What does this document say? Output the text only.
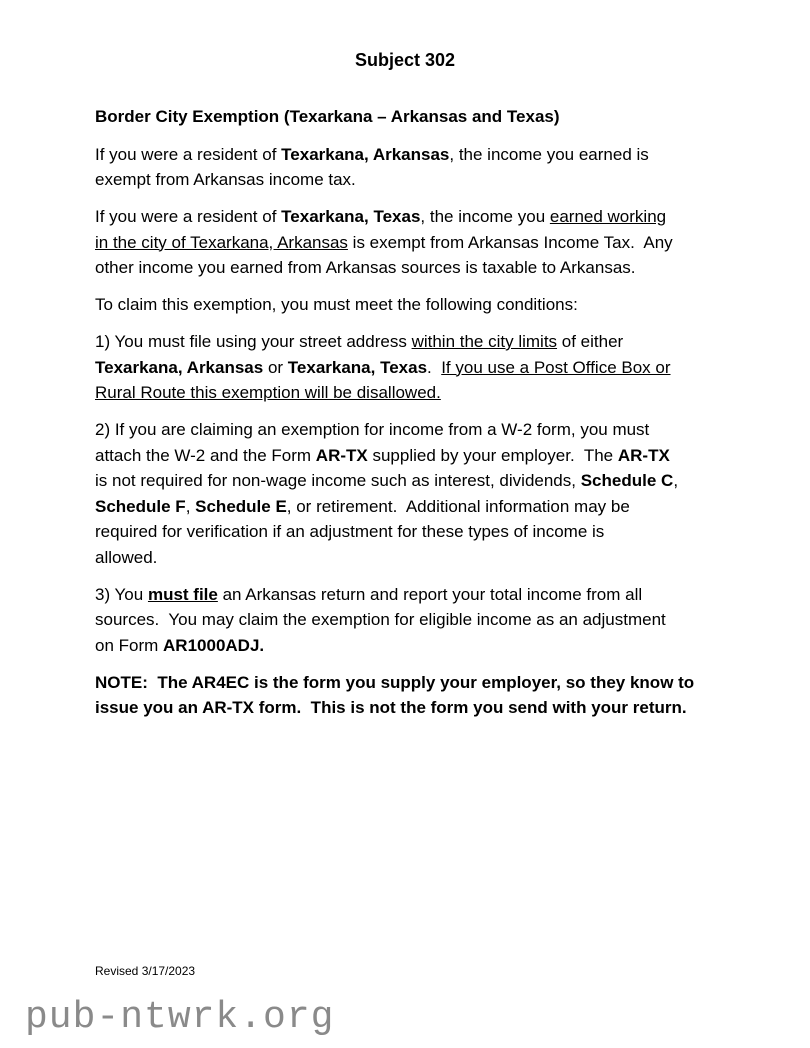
Subject 302
Border City Exemption (Texarkana – Arkansas and Texas)
If you were a resident of Texarkana, Arkansas, the income you earned is
exempt from Arkansas income tax.
If you were a resident of Texarkana, Texas, the income you earned working
in the city of Texarkana, Arkansas is exempt from Arkansas Income Tax.  Any
other income you earned from Arkansas sources is taxable to Arkansas.
To claim this exemption, you must meet the following conditions:
1) You must file using your street address within the city limits of either
Texarkana, Arkansas or Texarkana, Texas.  If you use a Post Office Box or
Rural Route this exemption will be disallowed.
2) If you are claiming an exemption for income from a W-2 form, you must
attach the W-2 and the Form AR-TX supplied by your employer.  The AR-TX
is not required for non-wage income such as interest, dividends, Schedule C,
Schedule F, Schedule E, or retirement.  Additional information may be
required for verification if an adjustment for these types of income is
allowed.
3) You must file an Arkansas return and report your total income from all
sources.  You may claim the exemption for eligible income as an adjustment
on Form AR1000ADJ.
NOTE:  The AR4EC is the form you supply your employer, so they know to
issue you an AR-TX form.  This is not the form you send with your return.
Revised 3/17/2023
pub-ntwrk.org
